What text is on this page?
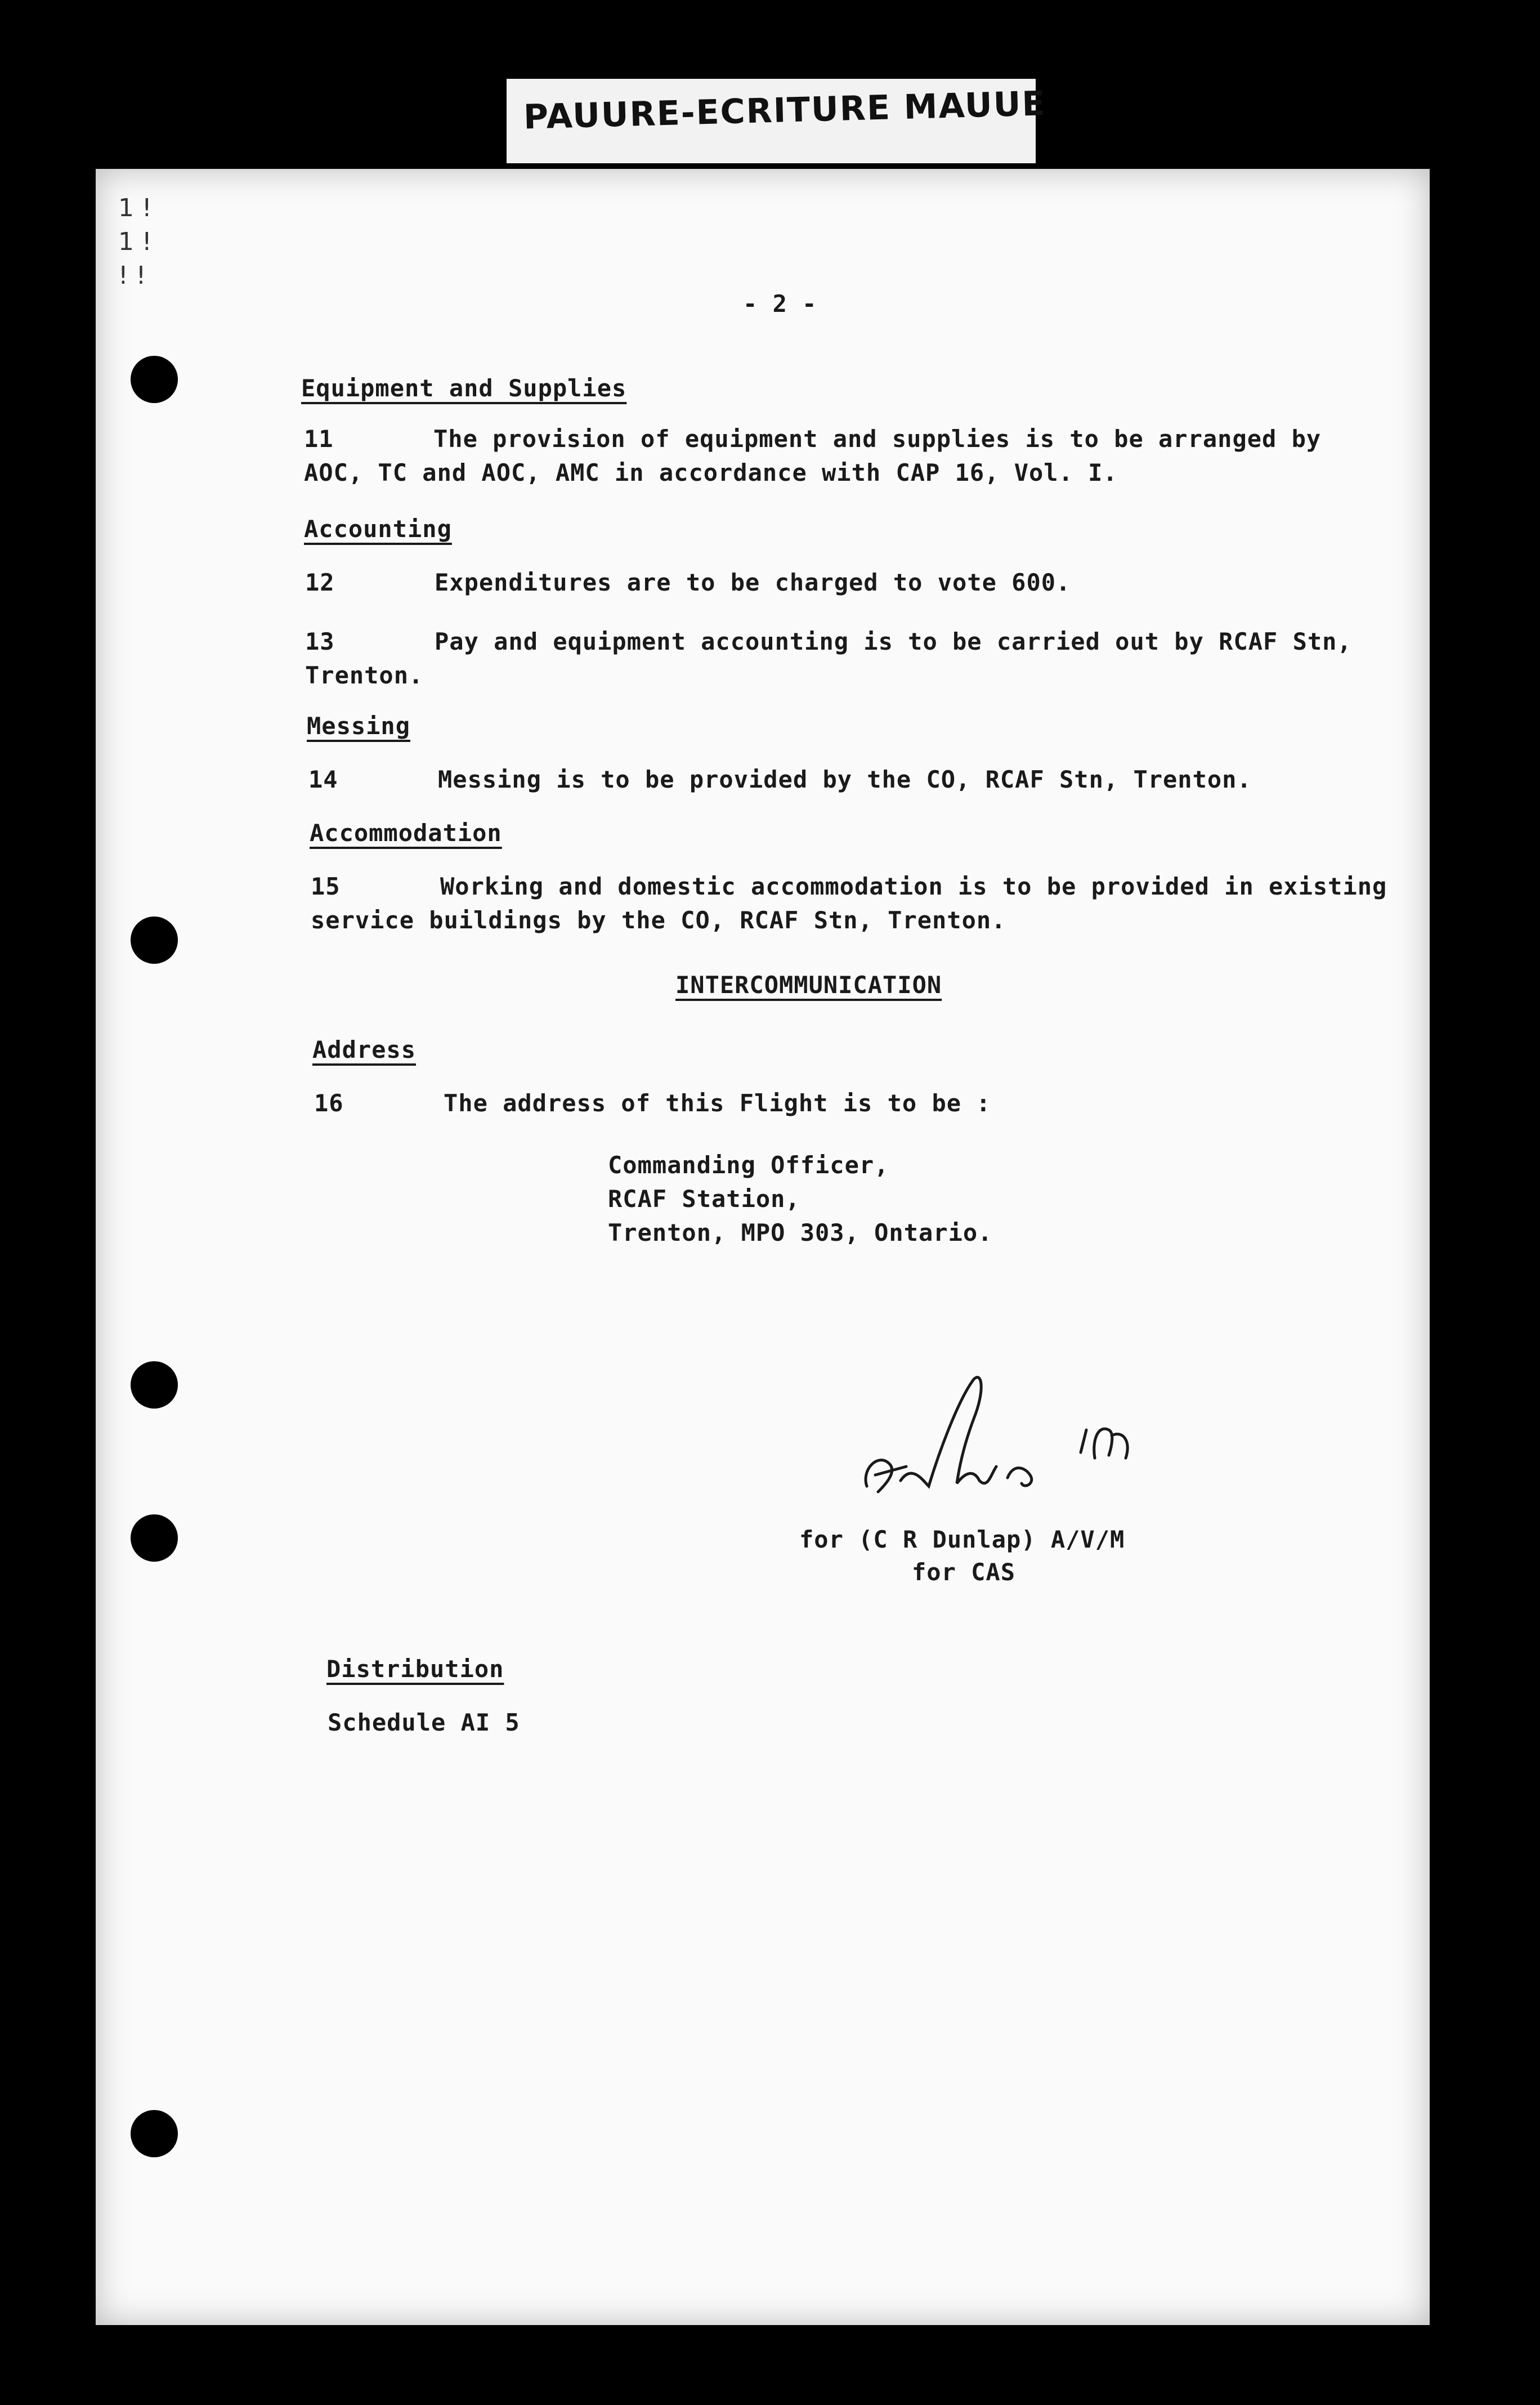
PAUURE-ECRITURE MAUUE
1 !
1 !
! !
- 2 -
Equipment and Supplies
11	The provision of equipment and supplies is to be arranged by
AOC, TC and AOC, AMC in accordance with CAP 16, Vol. I.
Accounting
12	Expenditures are to be charged to vote 600.
13	Pay and equipment accounting is to be carried out by RCAF Stn,
Trenton.
Messing
14	Messing is to be provided by the CO, RCAF Stn, Trenton.
Accommodation
15	Working and domestic accommodation is to be provided in existing
service buildings by the CO, RCAF Stn, Trenton.
INTERCOMMUNICATION
Address
16	The address of this Flight is to be :
Commanding Officer,
RCAF Station,
Trenton, MPO 303, Ontario.
for (C R Dunlap) A/V/M
for CAS
Distribution
Schedule AI 5
